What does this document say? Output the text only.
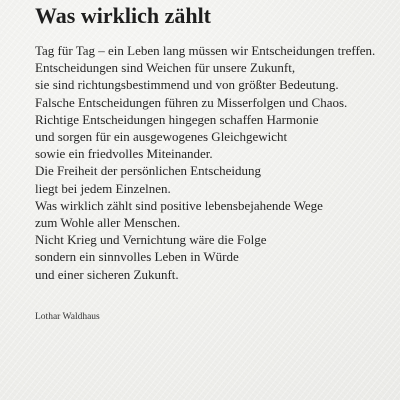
Was wirklich zählt
Tag für Tag – ein Leben lang müssen wir Entscheidungen treffen.
Entscheidungen sind Weichen für unsere Zukunft,
sie sind richtungsbestimmend und von größter Bedeutung.
Falsche Entscheidungen führen zu Misserfolgen und Chaos.
Richtige Entscheidungen hingegen schaffen Harmonie
und sorgen für ein ausgewogenes Gleichgewicht
sowie ein friedvolles Miteinander.
Die Freiheit der persönlichen Entscheidung
liegt bei jedem Einzelnen.
Was wirklich zählt sind positive lebensbejahende Wege
zum Wohle aller Menschen.
Nicht Krieg und Vernichtung wäre die Folge
sondern ein sinnvolles Leben in Würde
und einer sicheren Zukunft.

Lothar Waldhaus
